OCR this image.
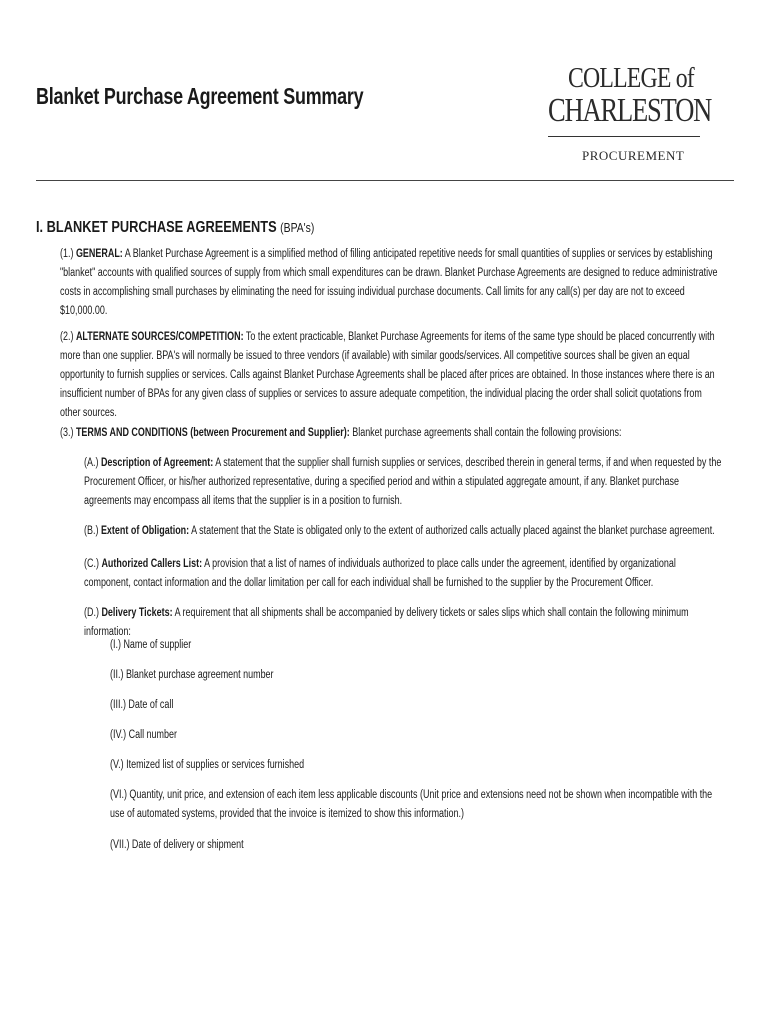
Blanket Purchase Agreement Summary
COLLEGE of
CHARLESTON
PROCUREMENT
I. BLANKET PURCHASE AGREEMENTS (BPA's)

(1.) GENERAL: A Blanket Purchase Agreement is a simplified method of filling anticipated repetitive needs for small quantities of supplies or services by establishing "blanket" accounts with qualified sources of supply from which small expenditures can be drawn. Blanket Purchase Agreements are designed to reduce administrative costs in accomplishing small purchases by eliminating the need for issuing individual purchase documents. Call limits for any call(s) per day are not to exceed $10,000.00.

(2.) ALTERNATE SOURCES/COMPETITION: To the extent practicable, Blanket Purchase Agreements for items of the same type should be placed concurrently with more than one supplier. BPA's will normally be issued to three vendors (if available) with similar goods/services. All competitive sources shall be given an equal opportunity to furnish supplies or services. Calls against Blanket Purchase Agreements shall be placed after prices are obtained. In those instances where there is an insufficient number of BPAs for any given class of supplies or services to assure adequate competition, the individual placing the order shall solicit quotations from other sources.

(3.) TERMS AND CONDITIONS (between Procurement and Supplier): Blanket purchase agreements shall contain the following provisions:

(A.) Description of Agreement: A statement that the supplier shall furnish supplies or services, described therein in general terms, if and when requested by the Procurement Officer, or his/her authorized representative, during a specified period and within a stipulated aggregate amount, if any. Blanket purchase agreements may encompass all items that the supplier is in a position to furnish.

(B.) Extent of Obligation: A statement that the State is obligated only to the extent of authorized calls actually placed against the blanket purchase agreement.

(C.) Authorized Callers List: A provision that a list of names of individuals authorized to place calls under the agreement, identified by organizational component, contact information and the dollar limitation per call for each individual shall be furnished to the supplier by the Procurement Officer.

(D.) Delivery Tickets: A requirement that all shipments shall be accompanied by delivery tickets or sales slips which shall contain the following minimum information:

(I.) Name of supplier

(II.) Blanket purchase agreement number

(III.) Date of call

(IV.) Call number

(V.) Itemized list of supplies or services furnished

(VI.) Quantity, unit price, and extension of each item less applicable discounts (Unit price and extensions need not be shown when incompatible with the use of automated systems, provided that the invoice is itemized to show this information.)

(VII.) Date of delivery or shipment
